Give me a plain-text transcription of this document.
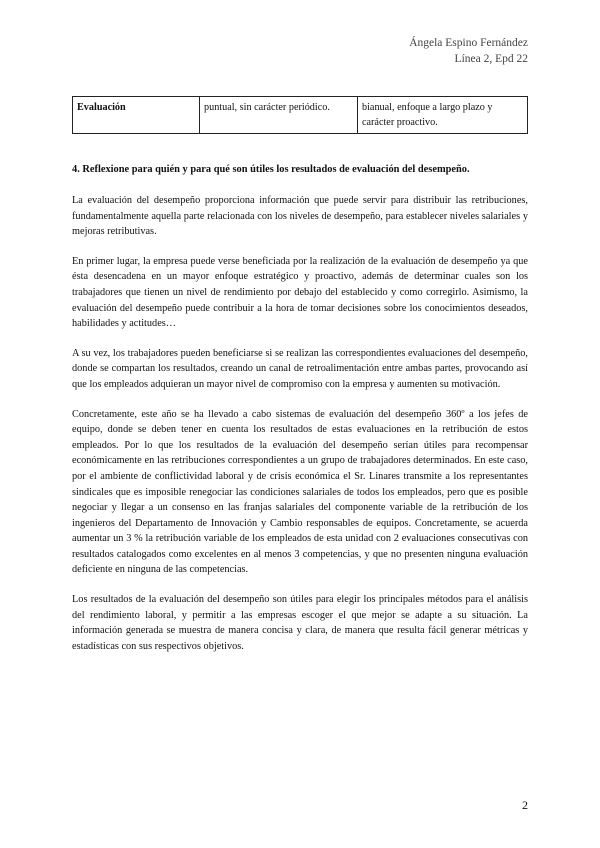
Ángela Espino Fernández
Línea 2, Epd 22
Evaluación	puntual, sin carácter periódico.	bianual, enfoque a largo plazo y carácter proactivo.
4. Reflexione para quién y para qué son útiles los resultados de evaluación del desempeño.

La evaluación del desempeño proporciona información que puede servir para distribuir las retribuciones, fundamentalmente aquella parte relacionada con los niveles de desempeño, para establecer niveles salariales y mejoras retributivas.

En primer lugar, la empresa puede verse beneficiada por la realización de la evaluación de desempeño ya que ésta desencadena en un mayor enfoque estratégico y proactivo, además de determinar cuales son los trabajadores que tienen un nivel de rendimiento por debajo del establecido y como corregirlo. Asimismo, la evaluación del desempeño puede contribuir a la hora de tomar decisiones sobre los conocimientos deseados, habilidades y actitudes…

A su vez, los trabajadores pueden beneficiarse si se realizan las correspondientes evaluaciones del desempeño, donde se compartan los resultados, creando un canal de retroalimentación entre ambas partes, provocando así que los empleados adquieran un mayor nivel de compromiso con la empresa y aumenten su motivación.

Concretamente, este año se ha llevado a cabo sistemas de evaluación del desempeño 360º a los jefes de equipo, donde se deben tener en cuenta los resultados de estas evaluaciones en la retribución de estos empleados. Por lo que los resultados de la evaluación del desempeño serían útiles para recompensar económicamente en las retribuciones correspondientes a un grupo de trabajadores determinados. En este caso, por el ambiente de conflictividad laboral y de crisis económica el Sr. Linares transmite a los representantes sindicales que es imposible renegociar las condiciones salariales de todos los empleados, pero que es posible negociar y llegar a un consenso en las franjas salariales del componente variable de la retribución de los ingenieros del Departamento de Innovación y Cambio responsables de equipos. Concretamente, se acuerda aumentar un 3 % la retribución variable de los empleados de esta unidad con 2 evaluaciones consecutivas con resultados catalogados como excelentes en al menos 3 competencias, y que no presenten ninguna evaluación deficiente en ninguna de las competencias.

Los resultados de la evaluación del desempeño son útiles para elegir los principales métodos para el análisis del rendimiento laboral, y permitir a las empresas escoger el que mejor se adapte a su situación. La información generada se muestra de manera concisa y clara, de manera que resulta fácil generar métricas y estadísticas con sus respectivos objetivos.

2
